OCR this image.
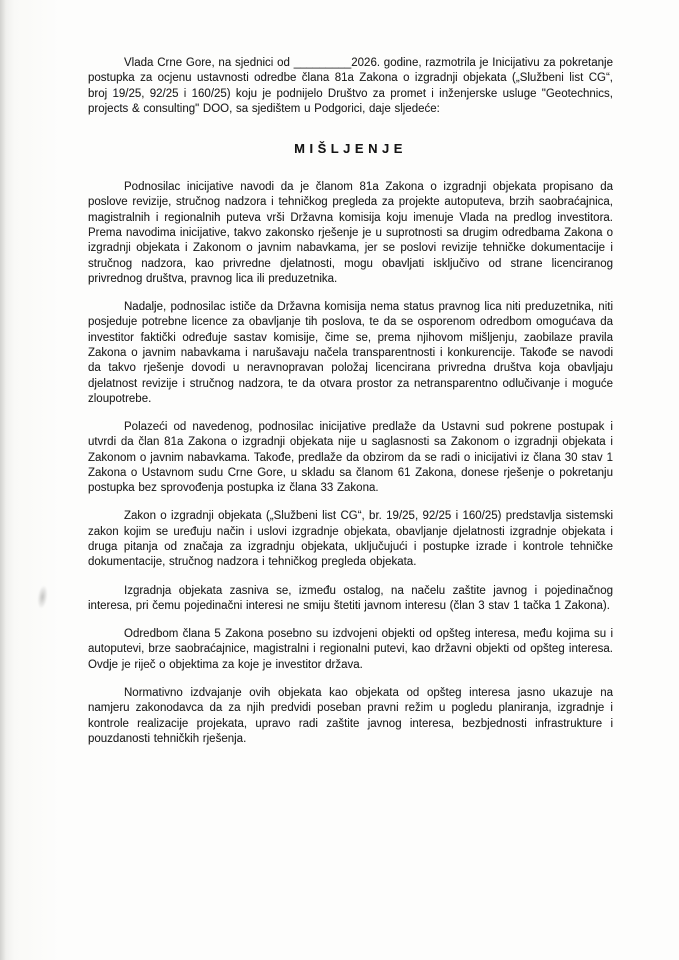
Vlada Crne Gore, na sjednici od _________2026. godine, razmotrila je Inicijativu za pokretanje postupka za ocjenu ustavnosti odredbe člana 81a Zakona o izgradnji objekata („Službeni list CG“, broj 19/25, 92/25 i 160/25) koju je podnijelo Društvo za promet i inženjerske usluge "Geotechnics, projects & consulting" DOO, sa sjedištem u Podgorici, daje sljedeće:

MIŠLJENJE

Podnosilac inicijative navodi da je članom 81a Zakona o izgradnji objekata propisano da poslove revizije, stručnog nadzora i tehničkog pregleda za projekte autoputeva, brzih saobraćajnica, magistralnih i regionalnih puteva vrši Državna komisija koju imenuje Vlada na predlog investitora. Prema navodima inicijative, takvo zakonsko rješenje je u suprotnosti sa drugim odredbama Zakona o izgradnji objekata i Zakonom o javnim nabavkama, jer se poslovi revizije tehničke dokumentacije i stručnog nadzora, kao privredne djelatnosti, mogu obavljati isključivo od strane licenciranog privrednog društva, pravnog lica ili preduzetnika.

Nadalje, podnosilac ističe da Državna komisija nema status pravnog lica niti preduzetnika, niti posjeduje potrebne licence za obavljanje tih poslova, te da se osporenom odredbom omogućava da investitor faktički određuje sastav komisije, čime se, prema njihovom mišljenju, zaobilaze pravila Zakona o javnim nabavkama i narušavaju načela transparentnosti i konkurencije. Takođe se navodi da takvo rješenje dovodi u neravnopravan položaj licencirana privredna društva koja obavljaju djelatnost revizije i stručnog nadzora, te da otvara prostor za netransparentno odlučivanje i moguće zloupotrebe.

Polazeći od navedenog, podnosilac inicijative predlaže da Ustavni sud pokrene postupak i utvrdi da član 81a Zakona o izgradnji objekata nije u saglasnosti sa Zakonom o izgradnji objekata i Zakonom o javnim nabavkama. Takođe, predlaže da obzirom da se radi o inicijativi iz člana 30 stav 1 Zakona o Ustavnom sudu Crne Gore, u skladu sa članom 61 Zakona, donese rješenje o pokretanju postupka bez sprovođenja postupka iz člana 33 Zakona.

Zakon o izgradnji objekata („Službeni list CG“, br. 19/25, 92/25 i 160/25) predstavlja sistemski zakon kojim se uređuju način i uslovi izgradnje objekata, obavljanje djelatnosti izgradnje objekata i druga pitanja od značaja za izgradnju objekata, uključujući i postupke izrade i kontrole tehničke dokumentacije, stručnog nadzora i tehničkog pregleda objekata.

Izgradnja objekata zasniva se, između ostalog, na načelu zaštite javnog i pojedinačnog interesa, pri čemu pojedinačni interesi ne smiju štetiti javnom interesu (član 3 stav 1 tačka 1 Zakona).

Odredbom člana 5 Zakona posebno su izdvojeni objekti od opšteg interesa, među kojima su i autoputevi, brze saobraćajnice, magistralni i regionalni putevi, kao državni objekti od opšteg interesa. Ovdje je riječ o objektima za koje je investitor država.

Normativno izdvajanje ovih objekata kao objekata od opšteg interesa jasno ukazuje na namjeru zakonodavca da za njih predvidi poseban pravni režim u pogledu planiranja, izgradnje i kontrole realizacije projekata, upravo radi zaštite javnog interesa, bezbjednosti infrastrukture i pouzdanosti tehničkih rješenja.
